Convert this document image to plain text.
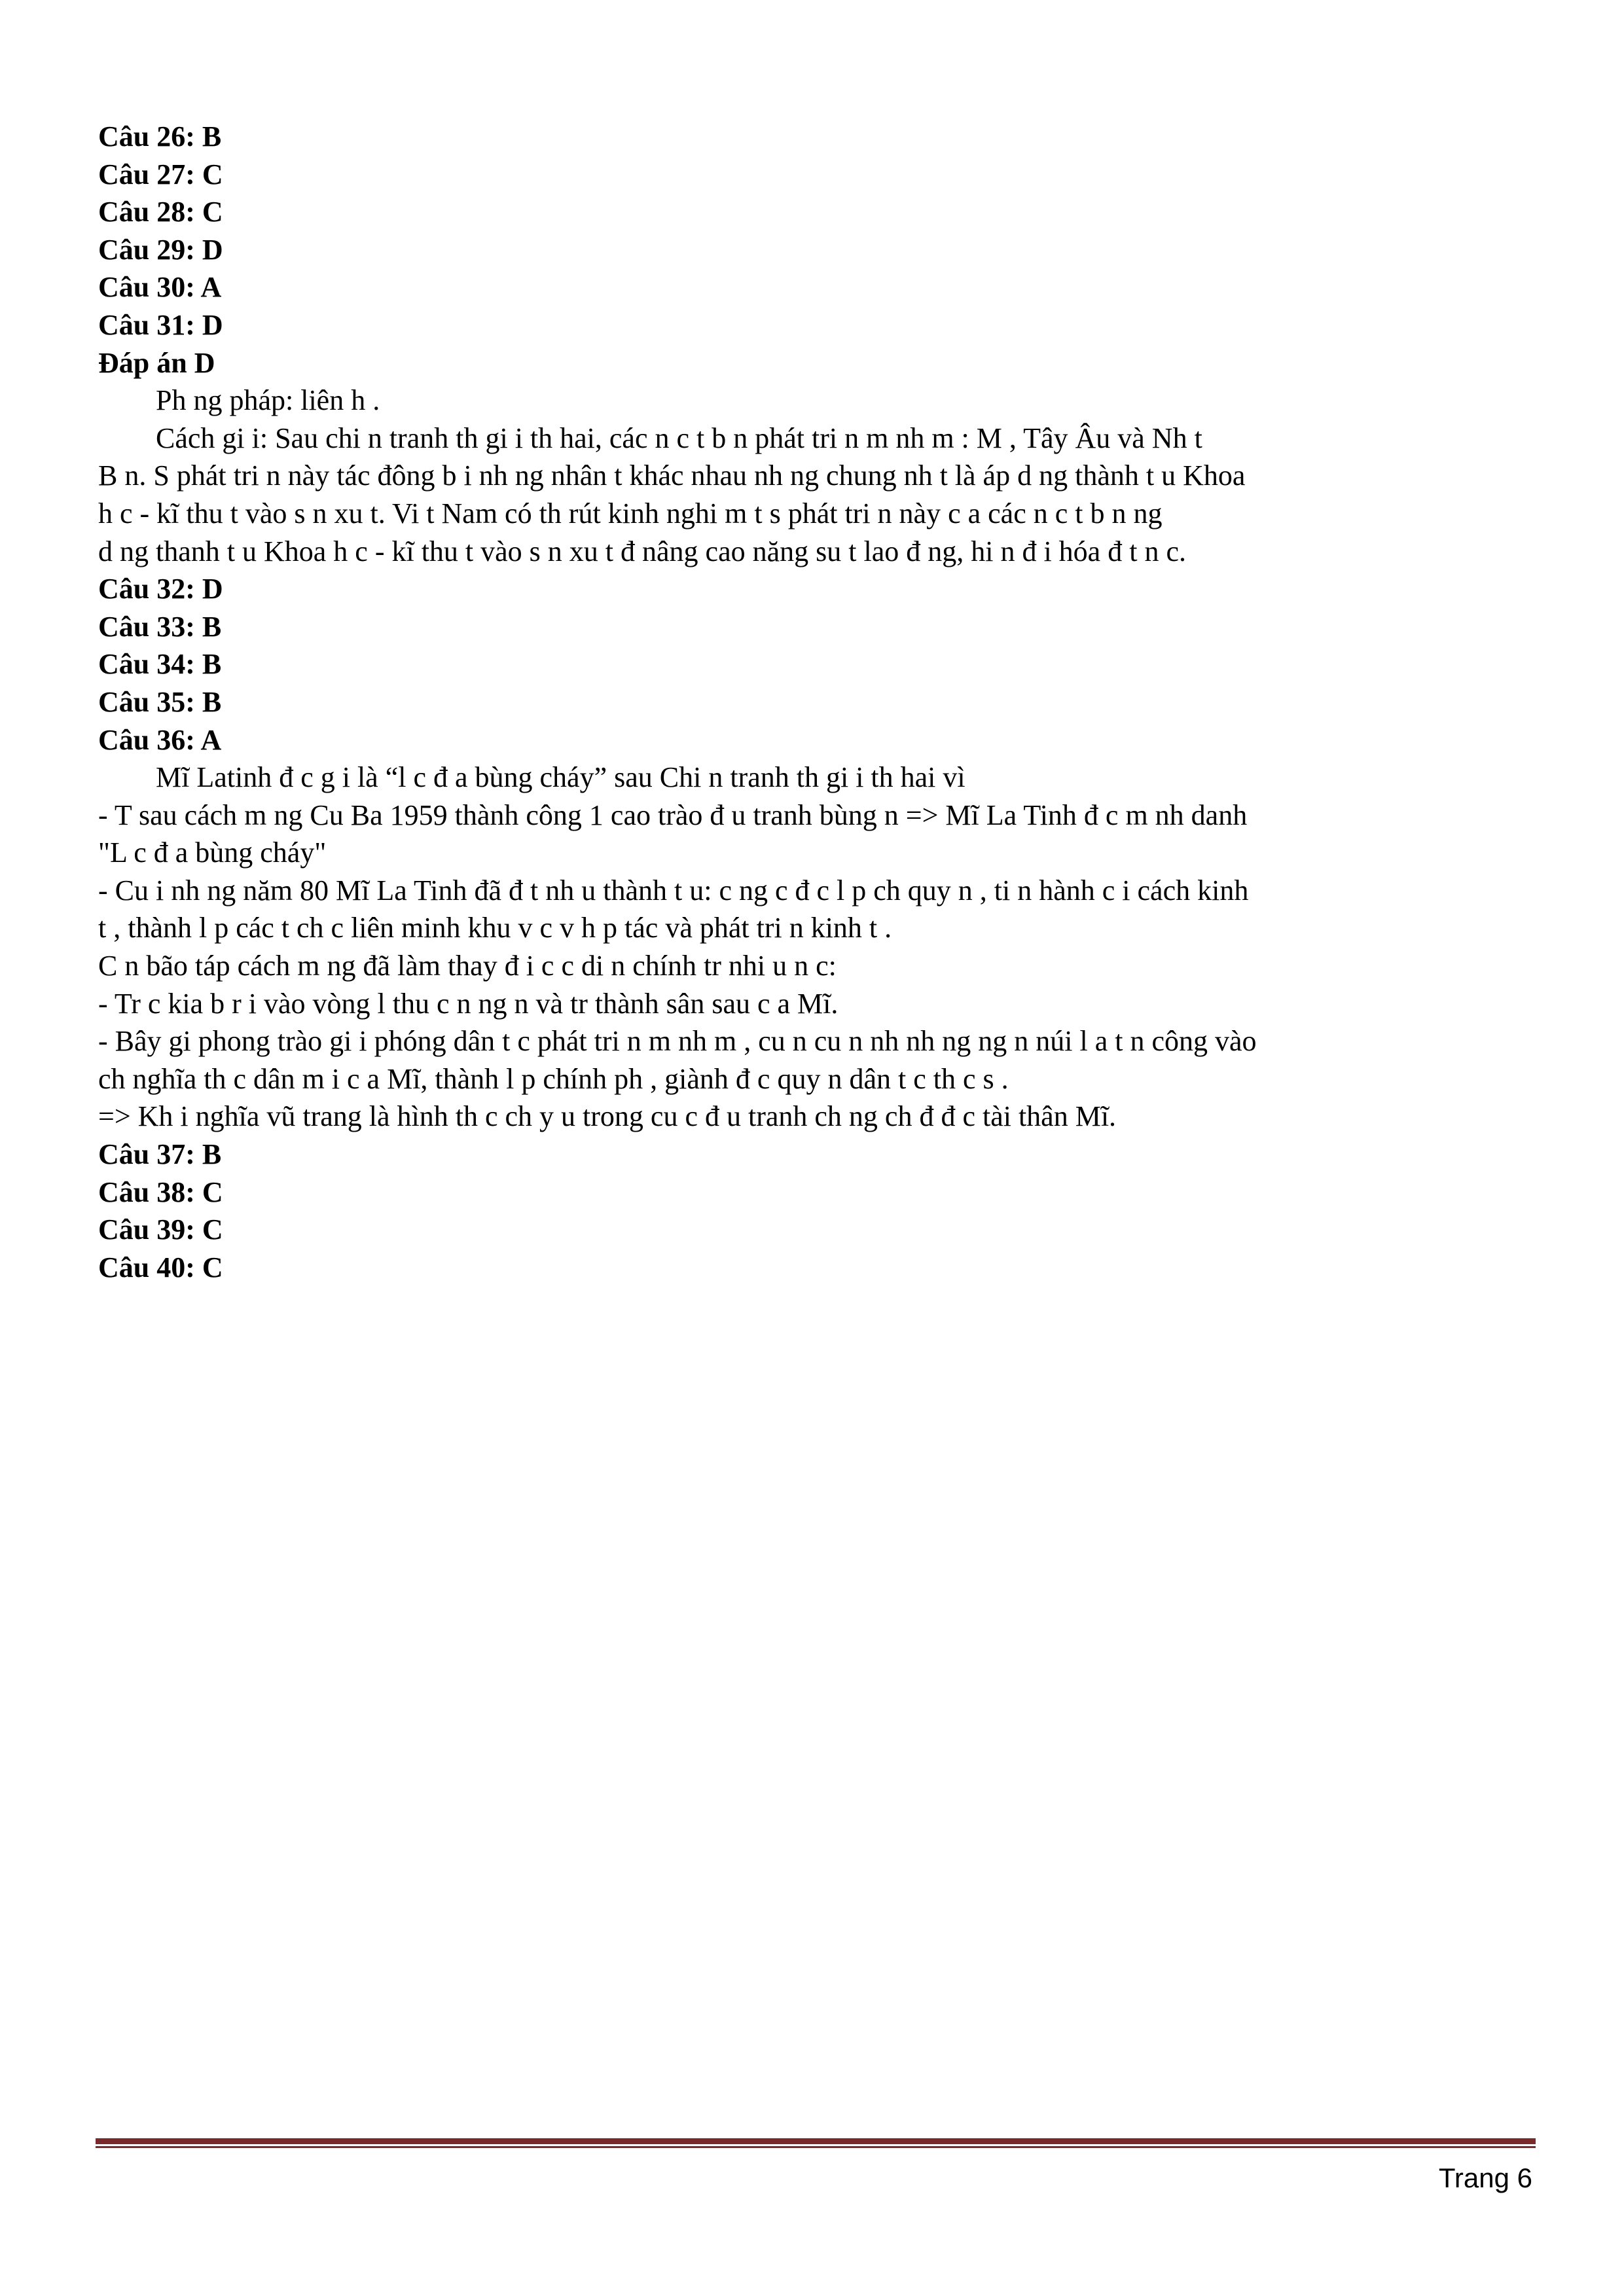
Câu 26: B
Câu 27: C
Câu 28: C
Câu 29: D
Câu 30: A
Câu 31: D
Đáp án D
Ph ng pháp: liên h .
Cách gi i: Sau chi n tranh th gi i th hai, các n c t b n phát tri n m nh m : M , Tây Âu và Nh t
B n. S phát tri n này tác đông b i nh ng nhân t khác nhau nh ng chung nh t là áp d ng thành t u Khoa
h c - kĩ thu t vào s n xu t. Vi t Nam có th rút kinh nghi m t s phát tri n này c a các n c t b n ng
d ng thanh t u Khoa h c - kĩ thu t vào s n xu t đ nâng cao năng su t lao đ ng, hi n đ i hóa đ t n c.
Câu 32: D
Câu 33: B
Câu 34: B
Câu 35: B
Câu 36: A
Mĩ Latinh đ c g i là “l c đ a bùng cháy” sau Chi n tranh th gi i th hai vì
- T sau cách m ng Cu Ba 1959 thành công 1 cao trào đ u tranh bùng n => Mĩ La Tinh đ c m nh danh
"L c đ a bùng cháy"
- Cu i nh ng năm 80 Mĩ La Tinh đã đ t nh u thành t u: c ng c đ c l p ch quy n , ti n hành c i cách kinh
t , thành l p các t ch c liên minh khu v c v h p tác và phát tri n kinh t .
C n bão táp cách m ng đã làm thay đ i c c di n chính tr nhi u n c:
- Tr c kia b r i vào vòng l thu c n ng n và tr thành sân sau c a Mĩ.
- Bây gi phong trào gi i phóng dân t c phát tri n m nh m , cu n cu n nh nh ng ng n núi l a t n công vào
ch nghĩa th c dân m i c a Mĩ, thành l p chính ph , giành đ c quy n dân t c th c s .
=> Kh i nghĩa vũ trang là hình th c ch y u trong cu c đ u tranh ch ng ch đ đ c tài thân Mĩ.
Câu 37: B
Câu 38: C
Câu 39: C
Câu 40: C
Trang 6
